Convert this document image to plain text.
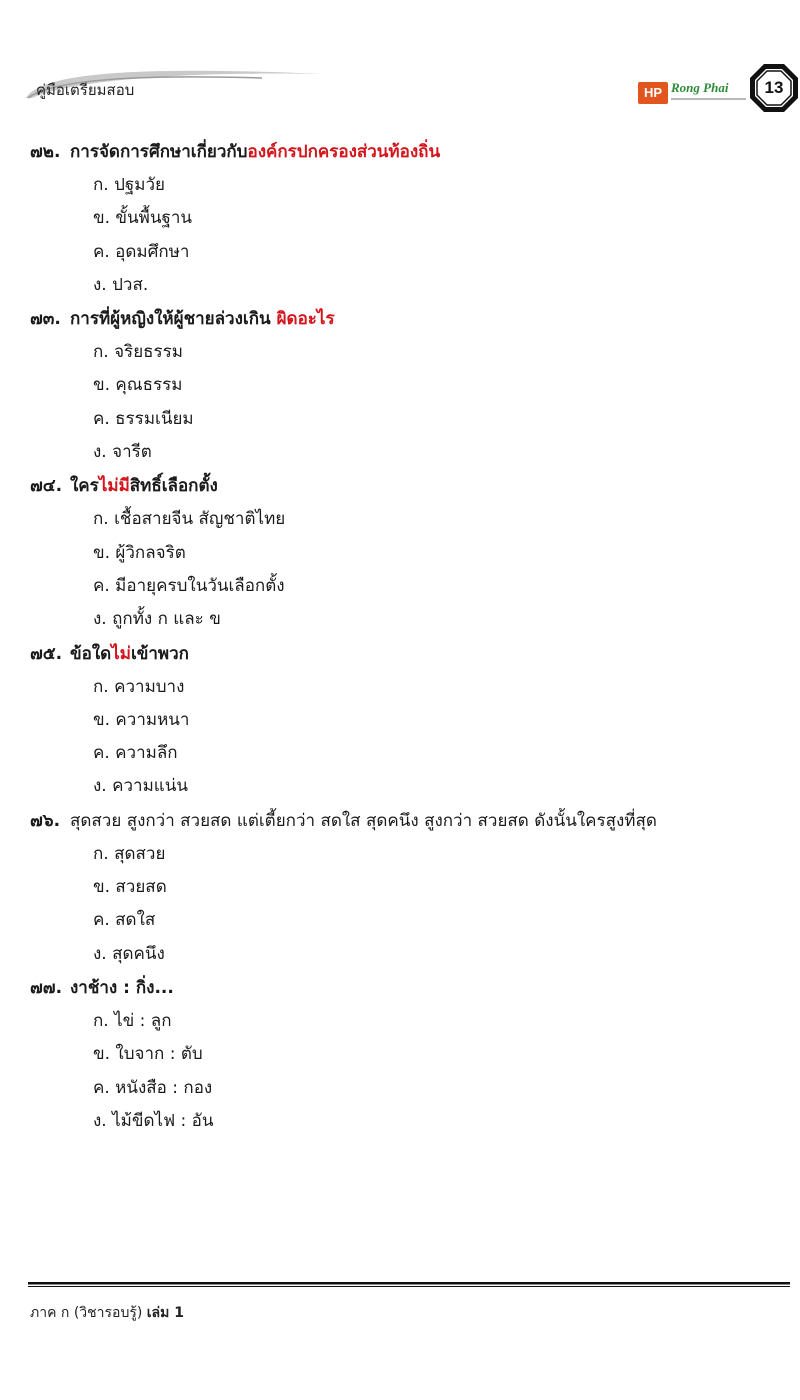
คู่มือเตรียมสอบ	HP Rong Phai	13
๗๒. การจัดการศึกษาเกี่ยวกับองค์กรปกครองส่วนท้องถิ่น
ก. ปฐมวัย
ข. ขั้นพื้นฐาน
ค. อุดมศึกษา
ง. ปวส.
๗๓. การที่ผู้หญิงให้ผู้ชายล่วงเกิน ผิดอะไร
ก. จริยธรรม
ข. คุณธรรม
ค. ธรรมเนียม
ง. จารีต
๗๔. ใครไม่มีสิทธิ์เลือกตั้ง
ก. เชื้อสายจีน สัญชาติไทย
ข. ผู้วิกลจริต
ค. มีอายุครบในวันเลือกตั้ง
ง. ถูกทั้ง ก และ ข
๗๕. ข้อใดไม่เข้าพวก
ก. ความบาง
ข. ความหนา
ค. ความลึก
ง. ความแน่น
๗๖. สุดสวย สูงกว่า สวยสด แต่เตี้ยกว่า สดใส สุดคนึง สูงกว่า สวยสด ดังนั้นใครสูงที่สุด
ก. สุดสวย
ข. สวยสด
ค. สดใส
ง. สุดคนึง
๗๗. งาช้าง : กิ่ง...
ก. ไข่ : ลูก
ข. ใบจาก : ตับ
ค. หนังสือ : กอง
ง. ไม้ขีดไฟ : อัน
ภาค ก (วิชารอบรู้) เล่ม 1
